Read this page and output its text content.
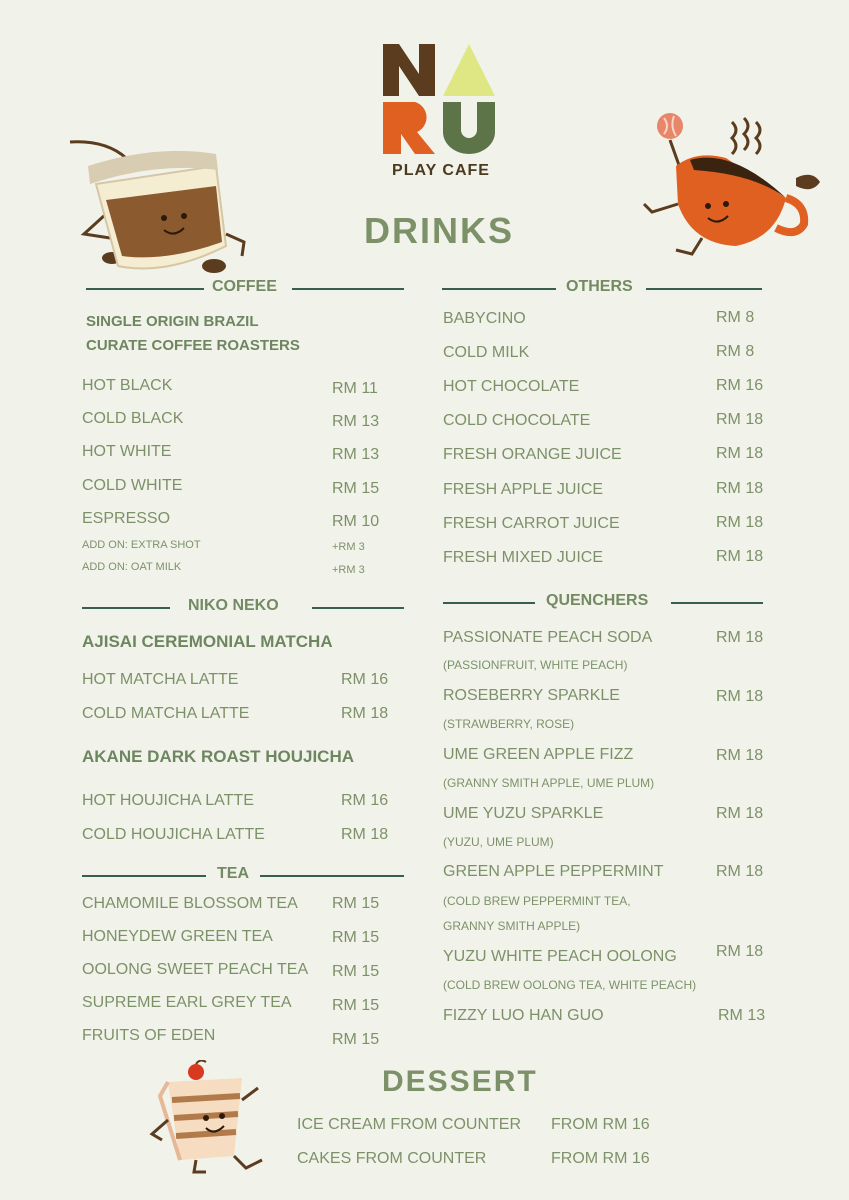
PLAY CAFE
DRINKS
COFFEE
SINGLE ORIGIN BRAZIL
CURATE COFFEE ROASTERS
HOT BLACK	RM 11
COLD BLACK	RM 13
HOT WHITE	RM 13
COLD WHITE	RM 15
ESPRESSO	RM 10
ADD ON: EXTRA SHOT	+RM 3
ADD ON: OAT MILK	+RM 3
NIKO NEKO
AJISAI CEREMONIAL MATCHA
HOT MATCHA LATTE	RM 16
COLD MATCHA LATTE	RM 18
AKANE DARK ROAST HOUJICHA
HOT HOUJICHA LATTE	RM 16
COLD HOUJICHA LATTE	RM 18
TEA
CHAMOMILE BLOSSOM TEA RM 15
HONEYDEW GREEN TEA	RM 15
OOLONG SWEET PEACH TEA RM 15
SUPREME EARL GREY TEA	RM 15
FRUITS OF EDEN	RM 15
OTHERS
BABYCINO	RM 8
COLD MILK	RM 8
HOT CHOCOLATE	RM 16
COLD CHOCOLATE	RM 18
FRESH ORANGE JUICE	RM 18
FRESH APPLE JUICE	RM 18
FRESH CARROT JUICE	RM 18
FRESH MIXED JUICE	RM 18
QUENCHERS
PASSIONATE PEACH SODA	RM 18
(PASSIONFRUIT, WHITE PEACH)
ROSEBERRY SPARKLE	RM 18
(STRAWBERRY, ROSE)
UME GREEN APPLE FIZZ	RM 18
(GRANNY SMITH APPLE, UME PLUM)
UME YUZU SPARKLE	RM 18
(YUZU, UME PLUM)
GREEN APPLE PEPPERMINT	RM 18
(COLD BREW PEPPERMINT TEA,
GRANNY SMITH APPLE)
YUZU WHITE PEACH OOLONG RM 18
(COLD BREW OOLONG TEA, WHITE PEACH)
FIZZY LUO HAN GUO	RM 13
DESSERT
ICE CREAM FROM COUNTER FROM RM 16
CAKES FROM COUNTER	FROM RM 16
